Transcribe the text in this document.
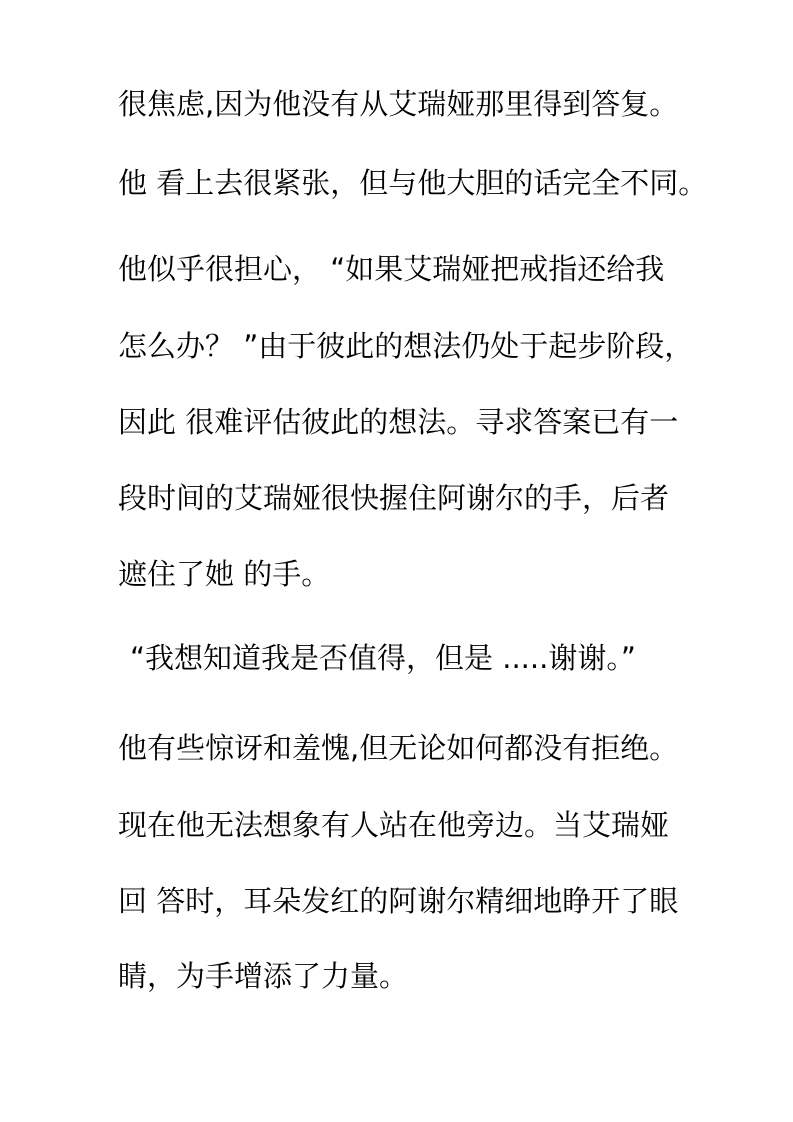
很焦虑,因为他没有从艾瑞娅那里得到答复。
他 看上去很紧张，但与他大胆的话完全不同。
他似乎很担心， “如果艾瑞娅把戒指还给我
怎么办？ ”由于彼此的想法仍处于起步阶段，
因此 很难评估彼此的想法。寻求答案已有一
段时间的艾瑞娅很快握住阿谢尔的手，后者
遮住了她 的手。
“我想知道我是否值得，但是 .....谢谢。”
他有些惊讶和羞愧,但无论如何都没有拒绝。
现在他无法想象有人站在他旁边。当艾瑞娅
回 答时，耳朵发红的阿谢尔精细地睁开了眼
睛，为手增添了力量。
